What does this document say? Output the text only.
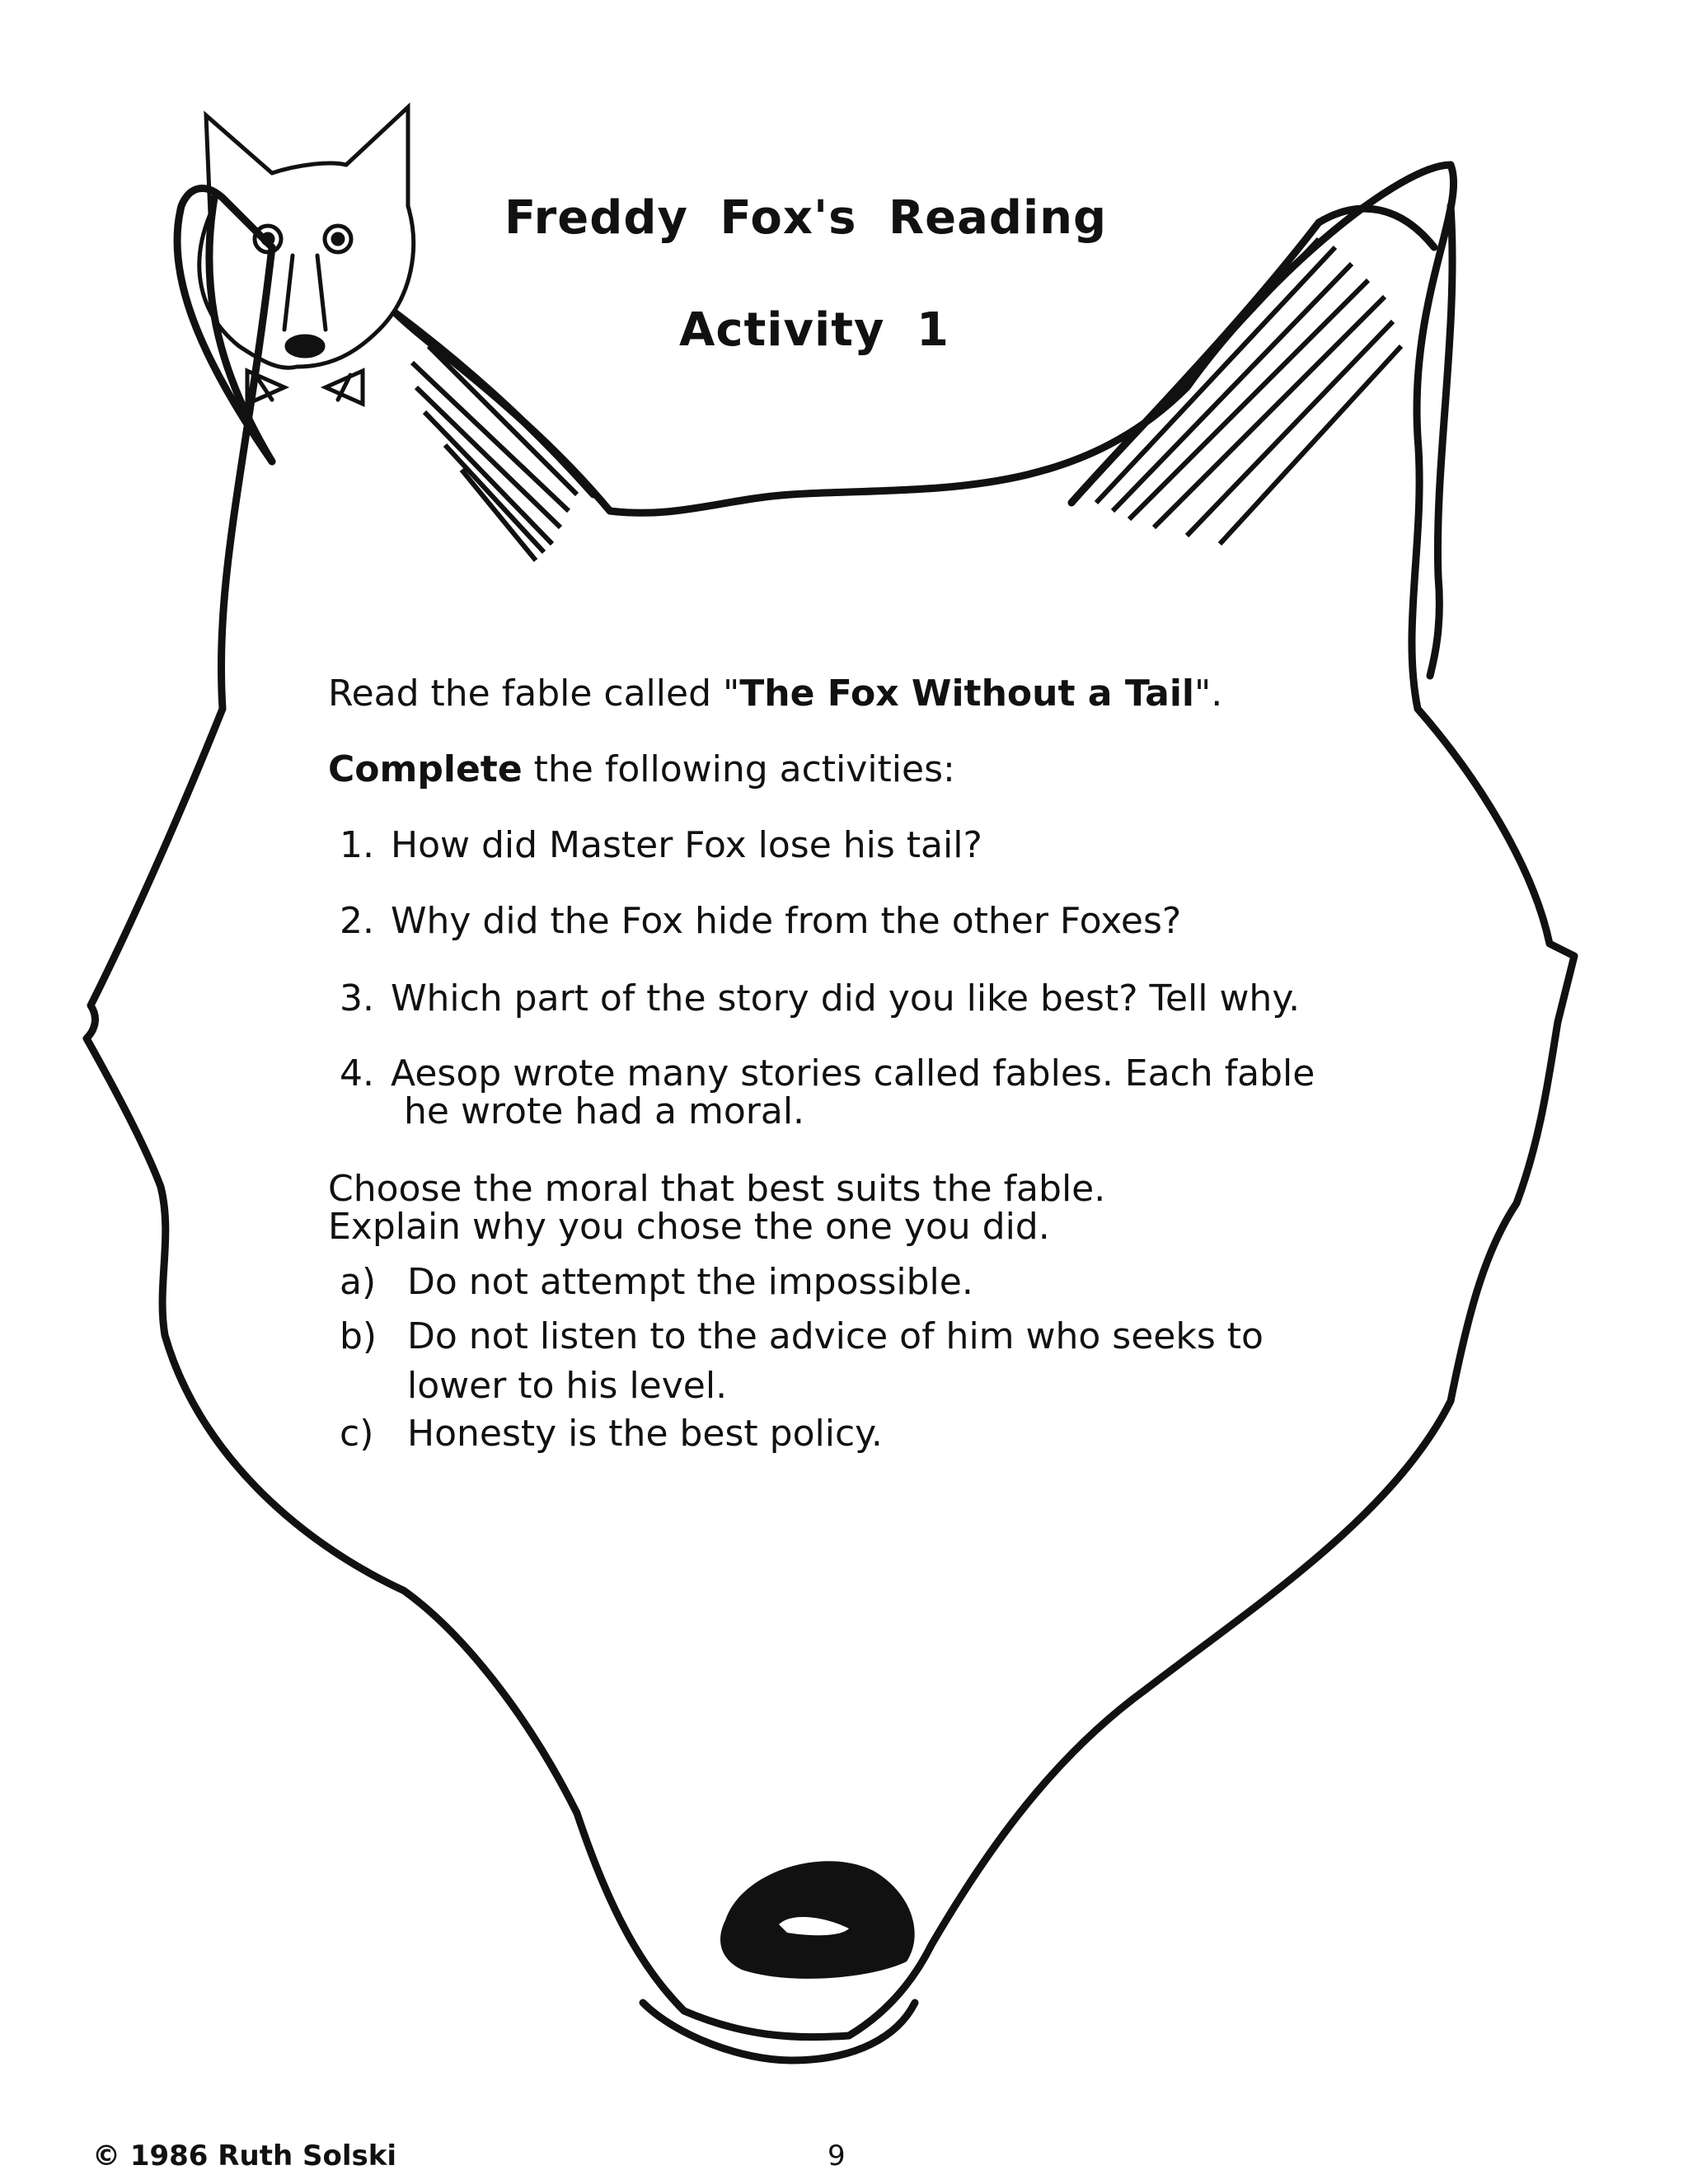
Freddy Fox's Reading
Activity 1
Read the fable called "The Fox Without a Tail".
Complete the following activities:
1. How did Master Fox lose his tail?
2. Why did the Fox hide from the other Foxes?
3. Which part of the story did you like best? Tell why.
4. Aesop wrote many stories called fables. Each fable
he wrote had a moral.
Choose the moral that best suits the fable.
Explain why you chose the one you did.
a) Do not attempt the impossible.
b) Do not listen to the advice of him who seeks to
lower to his level.
c) Honesty is the best policy.
© 1986 Ruth Solski	9
